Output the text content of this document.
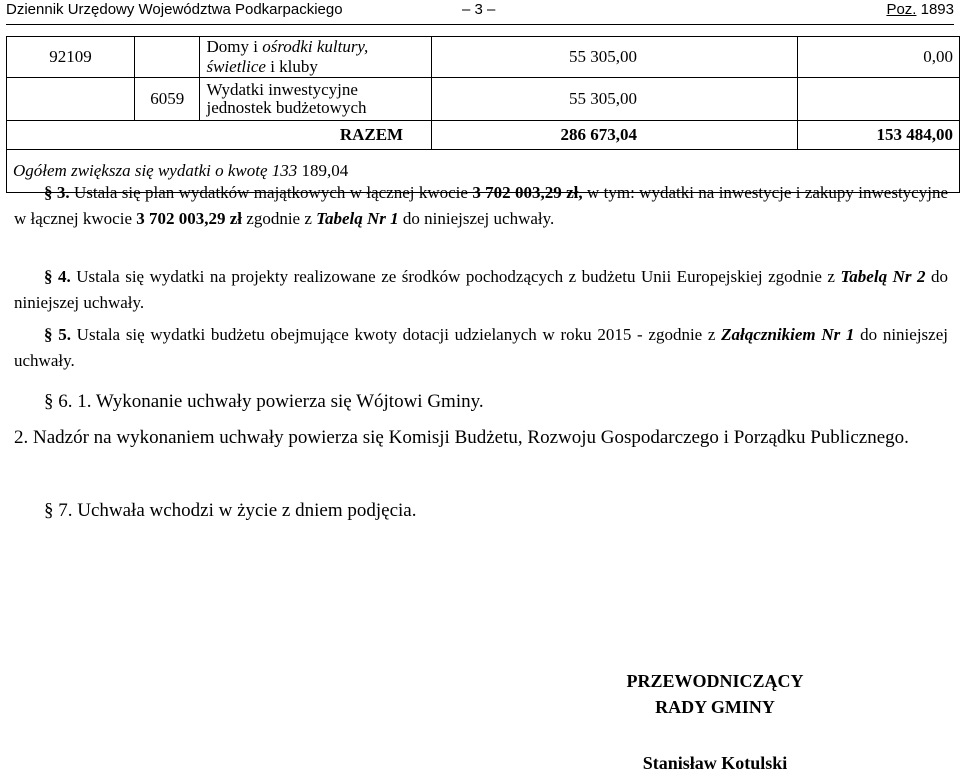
Dziennik Urzędowy Województwa Podkarpackiego	– 3 –	Poz. 1893
92109		Domy i ośrodki kultury, świetlice i kluby	55 305,00	0,00
	6059	Wydatki inwestycyjne jednostek budżetowych	55 305,00	
RAZEM			286 673,04	153 484,00
Ogółem zwiększa się wydatki o kwotę 133 189,04				
§ 3. Ustala się plan wydatków majątkowych w łącznej kwocie 3 702 003,29 zł, w tym: wydatki na inwestycje i zakupy inwestycyjne w łącznej kwocie 3 702 003,29 zł zgodnie z Tabelą Nr 1 do niniejszej uchwały.
§ 4. Ustala się wydatki na projekty realizowane ze środków pochodzących z budżetu Unii Europejskiej zgodnie z Tabelą Nr 2 do niniejszej uchwały.
§ 5. Ustala się wydatki budżetu obejmujące kwoty dotacji udzielanych w roku 2015 - zgodnie z Załącznikiem Nr 1 do niniejszej uchwały.
§ 6. 1. Wykonanie uchwały powierza się Wójtowi Gminy.
2. Nadzór na wykonaniem uchwały powierza się Komisji Budżetu, Rozwoju Gospodarczego i Porządku Publicznego.
§ 7. Uchwała wchodzi w życie z dniem podjęcia.
PRZEWODNICZĄCY
RADY GMINY
Stanisław Kotulski
